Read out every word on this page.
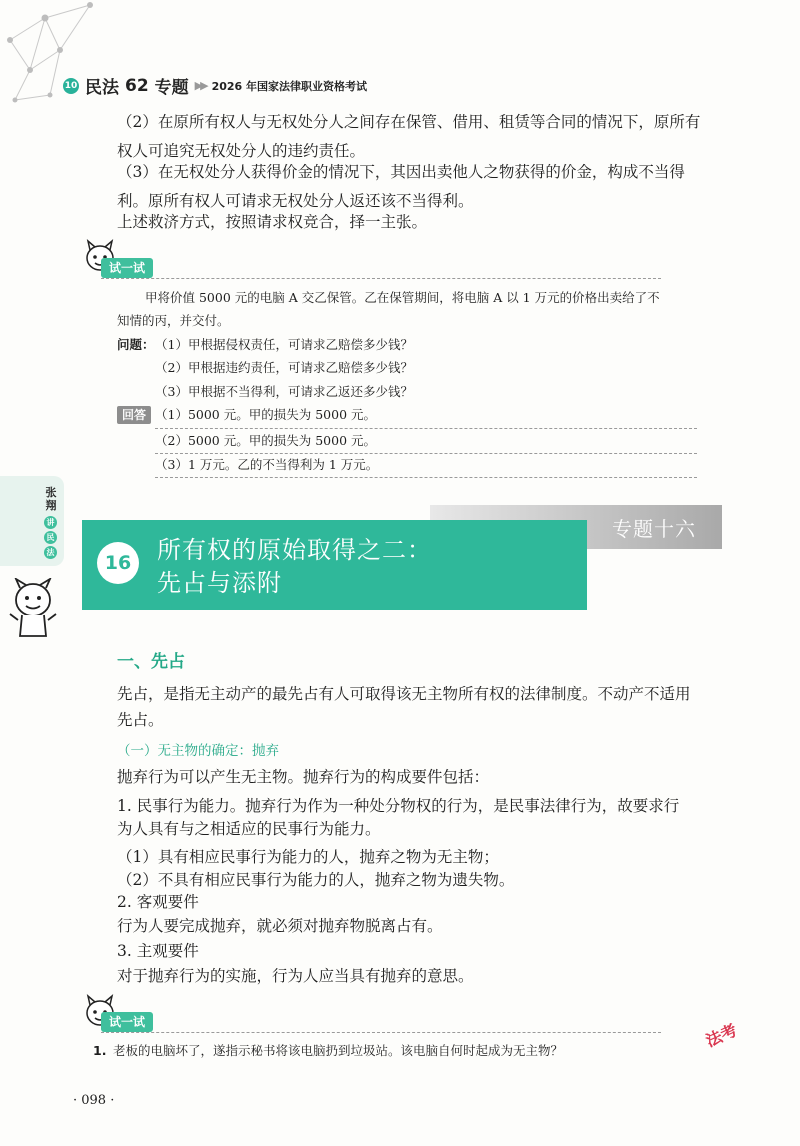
10 民法 62 专题 ▶▶ 2026 年国家法律职业资格考试
（2）在原所有权人与无权处分人之间存在保管、借用、租赁等合同的情况下，原所有
权人可追究无权处分人的违约责任。
（3）在无权处分人获得价金的情况下，其因出卖他人之物获得的价金，构成不当得
利。原所有权人可请求无权处分人返还该不当得利。
上述救济方式，按照请求权竞合，择一主张。
试一试
甲将价值 5000 元的电脑 A 交乙保管。乙在保管期间，将电脑 A 以 1 万元的价格出卖给了不
知情的丙，并交付。
问题： （1）甲根据侵权责任，可请求乙赔偿多少钱？
（2）甲根据违约责任，可请求乙赔偿多少钱？
（3）甲根据不当得利，可请求乙返还多少钱？
回答 （1）5000 元。甲的损失为 5000 元。
（2）5000 元。甲的损失为 5000 元。
（3）1 万元。乙的不当得利为 1 万元。
张翔
讲
民
法
专题十六
16	所有权的原始取得之二：
先占与添附
一、先占
先占，是指无主动产的最先占有人可取得该无主物所有权的法律制度。不动产不适用
先占。
（一）无主物的确定：抛弃
抛弃行为可以产生无主物。抛弃行为的构成要件包括：
1. 民事行为能力。抛弃行为作为一种处分物权的行为，是民事法律行为，故要求行
为人具有与之相适应的民事行为能力。
（1）具有相应民事行为能力的人，抛弃之物为无主物；
（2）不具有相应民事行为能力的人，抛弃之物为遗失物。
2. 客观要件
行为人要完成抛弃，就必须对抛弃物脱离占有。
3. 主观要件
对于抛弃行为的实施，行为人应当具有抛弃的意思。
试一试
1. 老板的电脑坏了，遂指示秘书将该电脑扔到垃圾站。该电脑自何时起成为无主物？	法考
· 098 ·
